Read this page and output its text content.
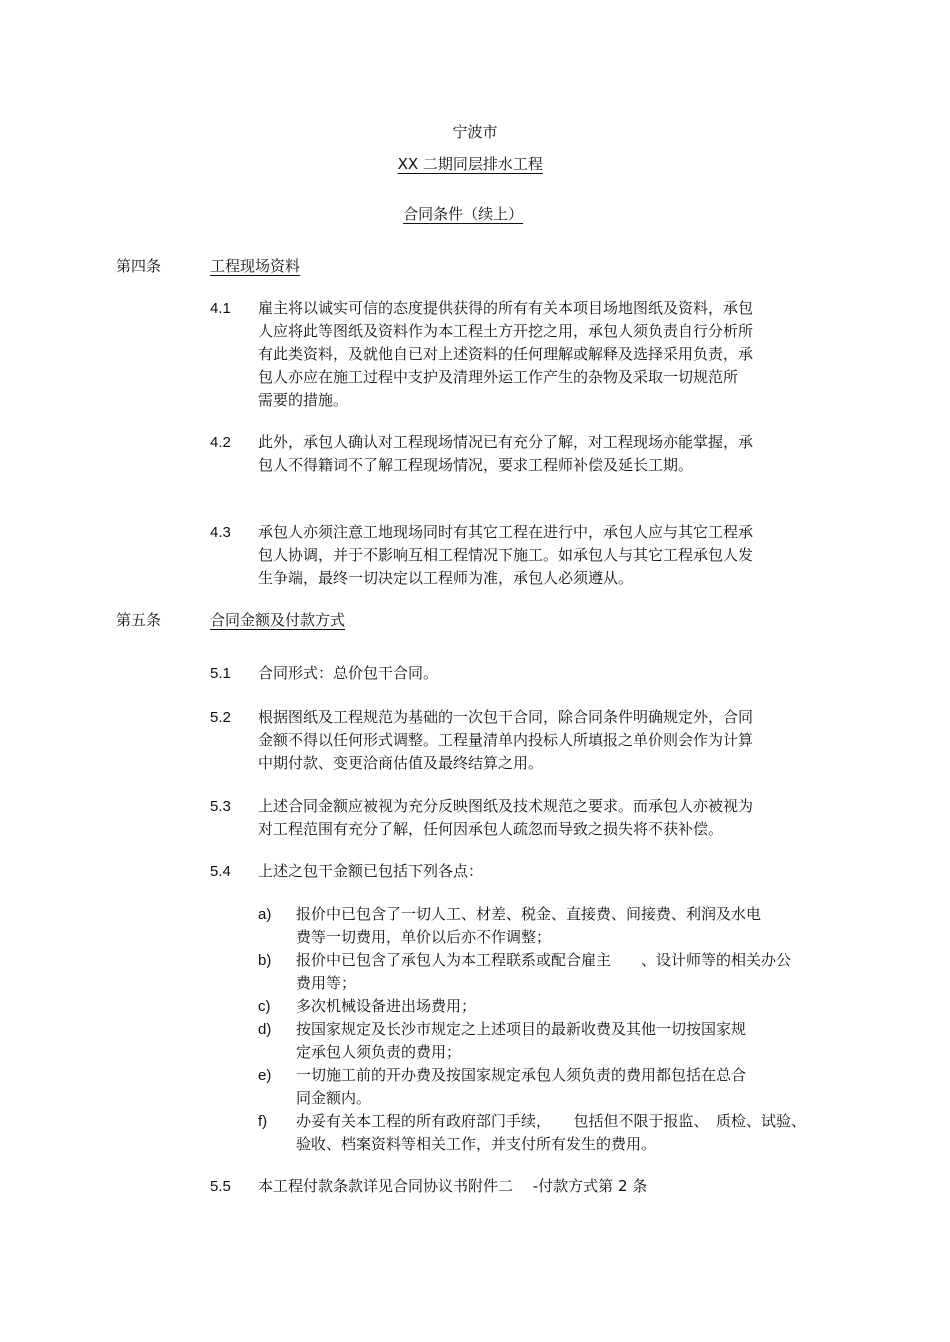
宁波市
XX 二期同层排水工程
合同条件（续上）
第四条	工程现场资料
4.1 雇主将以诚实可信的态度提供获得的所有有关本项目场地图纸及资料，承包
人应将此等图纸及资料作为本工程土方开挖之用，承包人须负责自行分析所
有此类资料，及就他自已对上述资料的任何理解或解释及选择采用负责，承
包人亦应在施工过程中支护及清理外运工作产生的杂物及采取一切规范所
需要的措施。
4.2 此外，承包人确认对工程现场情况已有充分了解，对工程现场亦能掌握，承
包人不得籍词不了解工程现场情况，要求工程师补偿及延长工期。
4.3 承包人亦须注意工地现场同时有其它工程在进行中，承包人应与其它工程承
包人协调，并于不影响互相工程情况下施工。如承包人与其它工程承包人发
生争端，最终一切决定以工程师为准，承包人必须遵从。
第五条	合同金额及付款方式
5.1 合同形式：总价包干合同。
5.2 根据图纸及工程规范为基础的一次包干合同，除合同条件明确规定外，合同
金额不得以任何形式调整。工程量清单内投标人所填报之单价则会作为计算
中期付款、变更洽商估值及最终结算之用。
5.3 上述合同金额应被视为充分反映图纸及技术规范之要求。而承包人亦被视为
对工程范围有充分了解，任何因承包人疏忽而导致之损失将不获补偿。
5.4 上述之包干金额已包括下列各点：
a) 报价中已包含了一切人工、材差、税金、直接费、间接费、利润及水电
费等一切费用，单价以后亦不作调整；
b) 报价中已包含了承包人为本工程联系或配合雇主　　、设计师等的相关办公
费用等；
c) 多次机械设备进出场费用；
d) 按国家规定及长沙市规定之上述项目的最新收费及其他一切按国家规
定承包人须负责的费用；
e) 一切施工前的开办费及按国家规定承包人须负责的费用都包括在总合
同金额内。
f) 办妥有关本工程的所有政府部门手续，　　包括但不限于报监、　质检、试验、
验收、档案资料等相关工作，并支付所有发生的费用。
5.5 本工程付款条款详见合同协议书附件二　 -付款方式第 2 条
